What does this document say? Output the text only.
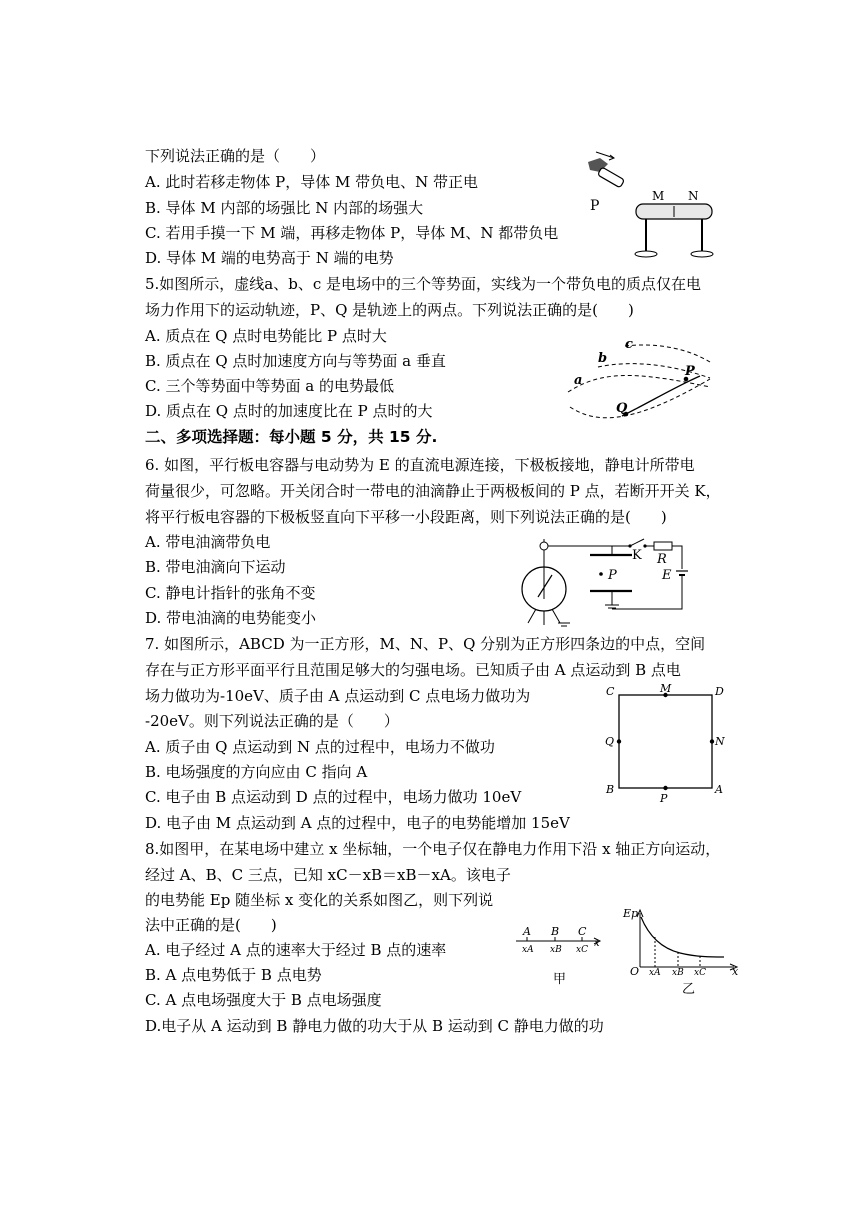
下列说法正确的是（　　）
A. 此时若移走物体 P，导体 M 带负电、N 带正电
B. 导体 M 内部的场强比 N 内部的场强大
C. 若用手摸一下 M 端，再移走物体 P，导体 M、N 都带负电
D. 导体 M 端的电势高于 N 端的电势
P
M N
5.如图所示，虚线a、b、c 是电场中的三个等势面，实线为一个带负电的质点仅在电
场力作用下的运动轨迹，P、Q 是轨迹上的两点。下列说法正确的是(　　)
A. 质点在 Q 点时电势能比 P 点时大
B. 质点在 Q 点时加速度方向与等势面 a 垂直
C. 三个等势面中等势面 a 的电势最低
D. 质点在 Q 点时的加速度比在 P 点时的大
a
b
c
P
Q
二、多项选择题：每小题 5 分，共 15 分.
6. 如图，平行板电容器与电动势为 E 的直流电源连接，下极板接地，静电计所带电
荷量很少，可忽略。开关闭合时一带电的油滴静止于两极板间的 P 点，若断开开关 K，
将平行板电容器的下极板竖直向下平移一小段距离，则下列说法正确的是(　　)
A. 带电油滴带负电
B. 带电油滴向下运动
C. 静电计指针的张角不变
D. 带电油滴的电势能变小
P
K R
E
7. 如图所示，ABCD 为一正方形，M、N、P、Q 分别为正方形四条边的中点，空间
存在与正方形平面平行且范围足够大的匀强电场。已知质子由 A 点运动到 B 点电
场力做功为-10eV、质子由 A 点运动到 C 点电场力做功为
-20eV。则下列说法正确的是（　　）
A. 质子由 Q 点运动到 N 点的过程中，电场力不做功
B. 电场强度的方向应由 C 指向 A
C. 电子由 B 点运动到 D 点的过程中，电场力做功 10eV
D. 电子由 M 点运动到 A 点的过程中，电子的电势能增加 15eV
C	M	D
Q	N
B
P
A
8.如图甲，在某电场中建立 x 坐标轴，一个电子仅在静电力作用下沿 x 轴正方向运动，
经过 A、B、C 三点，已知 xC－xB＝xB－xA。该电子
的电势能 Ep 随坐标 x 变化的关系如图乙，则下列说
法中正确的是(　　)
A. 电子经过 A 点的速率大于经过 B 点的速率
B. A 点电势低于 B 点电势
C. A 点电场强度大于 B 点电场强度
D.电子从 A 运动到 B 静电力做的功大于从 B 运动到 C 静电力做的功
A B C
xA xB xC
x
甲
Ep
O xA xB xC x
乙
